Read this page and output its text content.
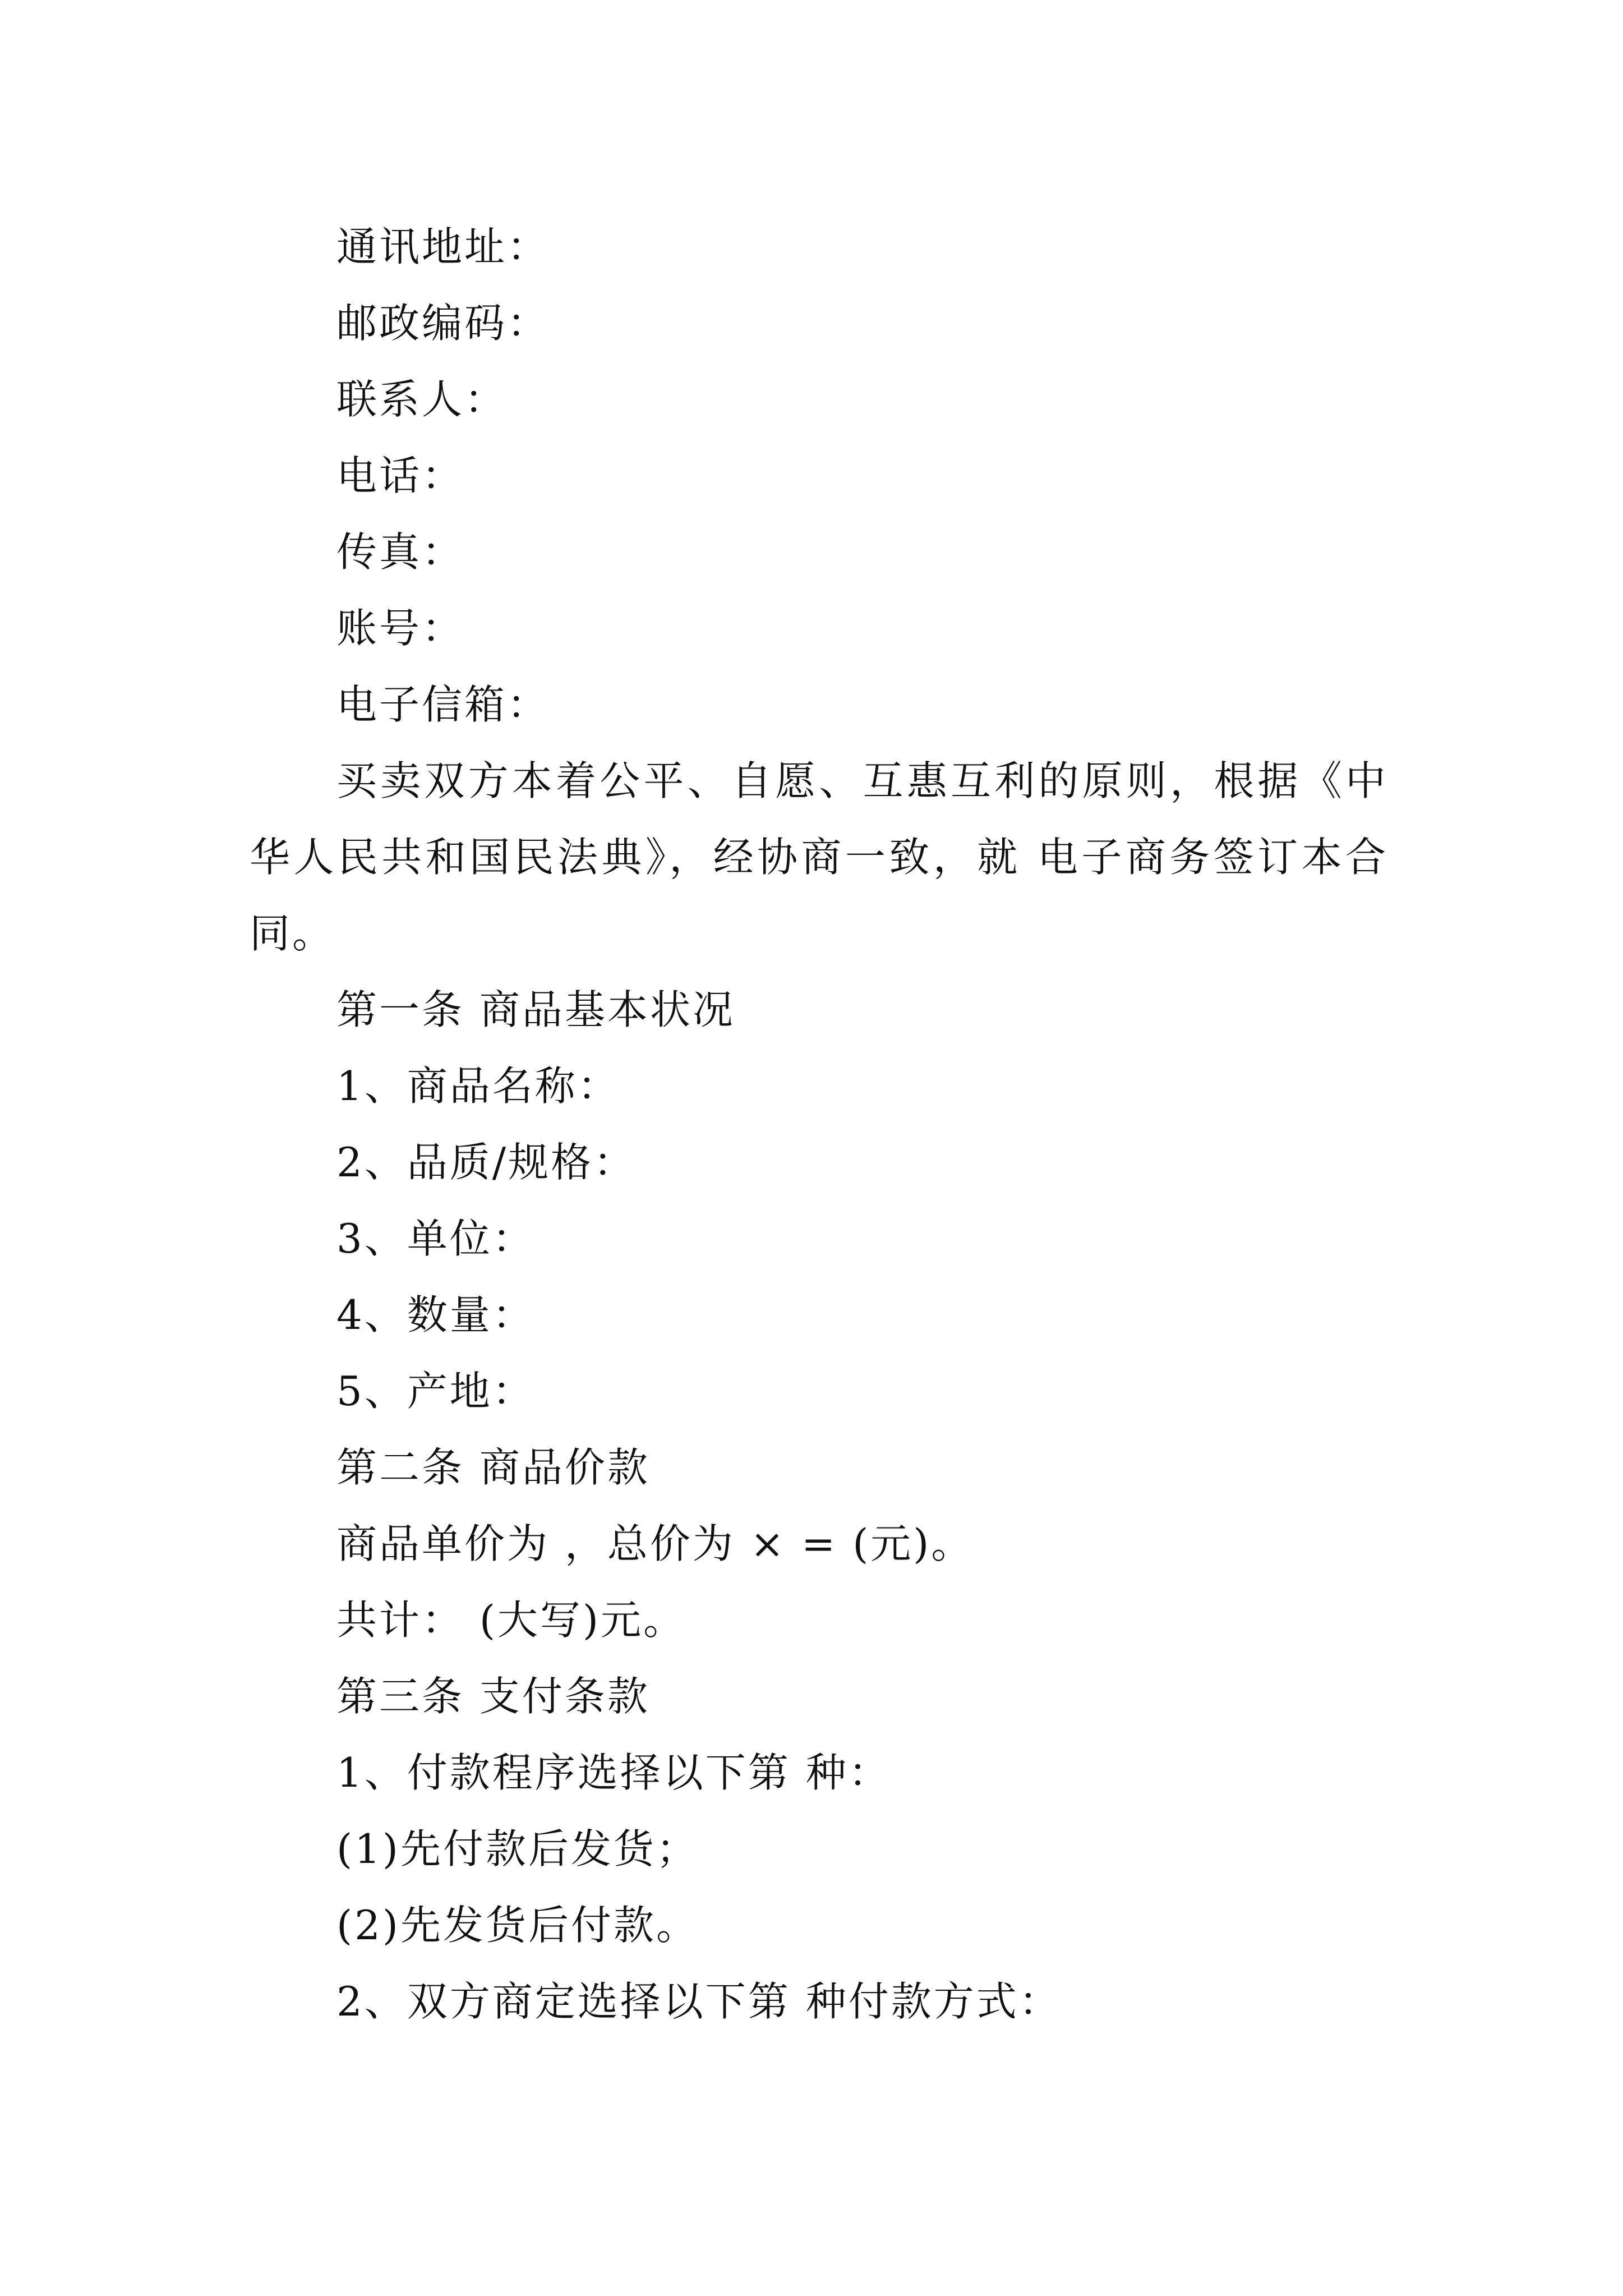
通讯地址：

邮政编码：

联系人：

电话：

传真：

账号：

电子信箱：

买卖双方本着公平、自愿、互惠互利的原则，根据《中华人民共和国民法典》，经协商一致，就 电子商务签订本合同。

第一条 商品基本状况

1、商品名称：

2、品质/规格：

3、单位：

4、数量：

5、产地：

第二条 商品价款

商品单价为 ，总价为 × = (元)。

共计： (大写)元。

第三条 支付条款

1、付款程序选择以下第 种：

(1)先付款后发货；

(2)先发货后付款。

2、双方商定选择以下第 种付款方式：
